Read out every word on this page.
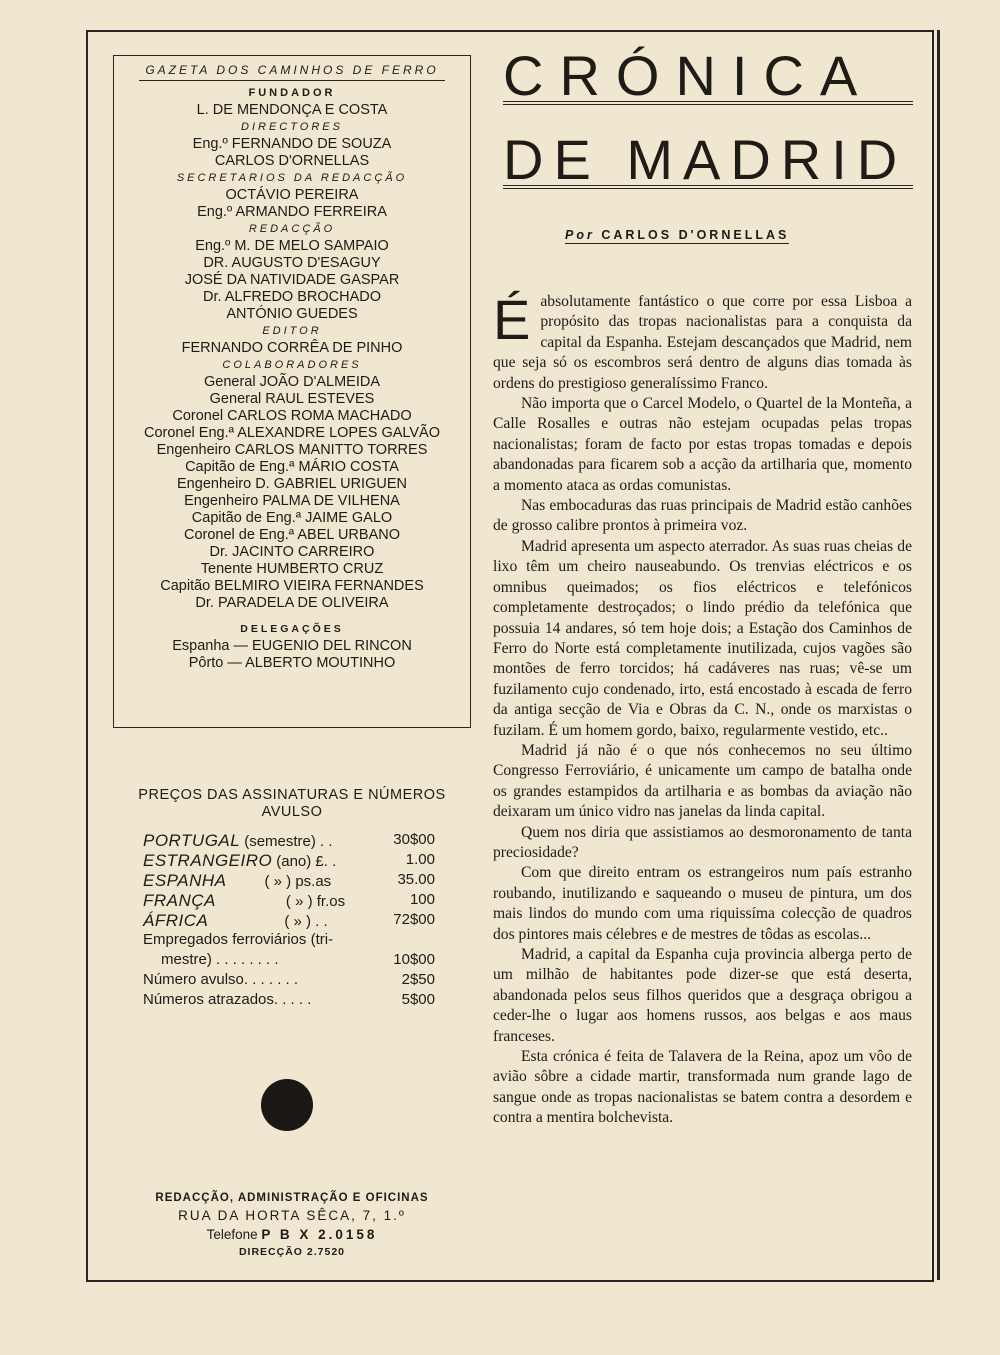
GAZETA DOS CAMINHOS DE FERRO
FUNDADOR
L. DE MENDONÇA E COSTA
DIRECTORES
Eng.º FERNANDO DE SOUZA
CARLOS D'ORNELLAS
SECRETARIOS DA REDACÇÃO
OCTÁVIO PEREIRA
Eng.º ARMANDO FERREIRA
REDACÇÃO
Eng.º M. DE MELO SAMPAIO
DR. AUGUSTO D'ESAGUY
JOSÉ DA NATIVIDADE GASPAR
Dr. ALFREDO BROCHADO
ANTÓNIO GUEDES
EDITOR
FERNANDO CORRÊA DE PINHO
COLABORADORES
General JOÃO D'ALMEIDA
General RAUL ESTEVES
Coronel CARLOS ROMA MACHADO
Coronel Eng.ª ALEXANDRE LOPES GALVÃO
Engenheiro CARLOS MANITTO TORRES
Capitão de Eng.ª MÁRIO COSTA
Engenheiro D. GABRIEL URIGUEN
Engenheiro PALMA DE VILHENA
Capitão de Eng.ª JAIME GALO
Coronel de Eng.ª ABEL URBANO
Dr. JACINTO CARREIRO
Tenente HUMBERTO CRUZ
Capitão BELMIRO VIEIRA FERNANDES
Dr. PARADELA DE OLIVEIRA
DELEGAÇÕES
Espanha — EUGENIO DEL RINCON
Pôrto — ALBERTO MOUTINHO
PREÇOS DAS ASSINATURAS E NÚMEROS
AVULSO
PORTUGAL (semestre) . .	30$00
ESTRANGEIRO (ano) £. .	1.00
ESPANHA	( » ) ps.as	35.00
FRANÇA	( » ) fr.os	100
ÁFRICA	( » ) . .	72$00
Empregados ferroviários (tri-
mestre) . . . . . . . .	10$00
Número avulso. . . . . . .	2$50
Números atrazados. . . . .	5$00
REDACÇÃO, ADMINISTRAÇÃO E OFICINAS
RUA DA HORTA SÊCA, 7, 1.º
Telefone P B X 2.0158
DIRECÇÃO 2.7520
CRÓNICA
DE MADRID
Por CARLOS D'ORNELLAS

Éabsolutamente fantástico o que corre por essa Lisboa a propósito das tropas nacionalistas para a conquista da capital da Espanha. Estejam descançados que Madrid, nem que seja só os escombros será dentro de alguns dias tomada às ordens do prestigioso generalíssimo Franco.

Não importa que o Carcel Modelo, o Quartel de la Monteña, a Calle Rosalles e outras não estejam ocupadas pelas tropas nacionalistas; foram de facto por estas tropas tomadas e depois abandonadas para ficarem sob a acção da artilharia que, momento a momento ataca as ordas comunistas.

Nas embocaduras das ruas principais de Madrid estão canhões de grosso calibre prontos à primeira voz.

Madrid apresenta um aspecto aterrador. As suas ruas cheias de lixo têm um cheiro nauseabundo. Os trenvias eléctricos e os omnibus queimados; os fios eléctricos e telefónicos completamente destroçados; o lindo prédio da telefónica que possuia 14 andares, só tem hoje dois; a Estação dos Caminhos de Ferro do Norte está completamente inutilizada, cujos vagões são montões de ferro torcidos; há cadáveres nas ruas; vê-se um fuzilamento cujo condenado, irto, está encostado à escada de ferro da antiga secção de Via e Obras da C. N., onde os marxistas o fuzilam. É um homem gordo, baixo, regularmente vestido, etc..

Madrid já não é o que nós conhecemos no seu último Congresso Ferroviário, é unicamente um campo de batalha onde os grandes estampidos da artilharia e as bombas da aviação não deixaram um único vidro nas janelas da linda capital.

Quem nos diria que assistiamos ao desmoronamento de tanta preciosidade?

Com que direito entram os estrangeiros num país estranho roubando, inutilizando e saqueando o museu de pintura, um dos mais lindos do mundo com uma riquissíma colecção de quadros dos pintores mais célebres e de mestres de tôdas as escolas...

Madrid, a capital da Espanha cuja provincia alberga perto de um milhão de habitantes pode dizer-se que está deserta, abandonada pelos seus filhos queridos que a desgraça obrigou a ceder-lhe o lugar aos homens russos, aos belgas e aos maus franceses.

Esta crónica é feita de Talavera de la Reina, apoz um vôo de avião sôbre a cidade martir, transformada num grande lago de sangue onde as tropas nacionalistas se batem contra a desordem e contra a mentira bolchevista.
